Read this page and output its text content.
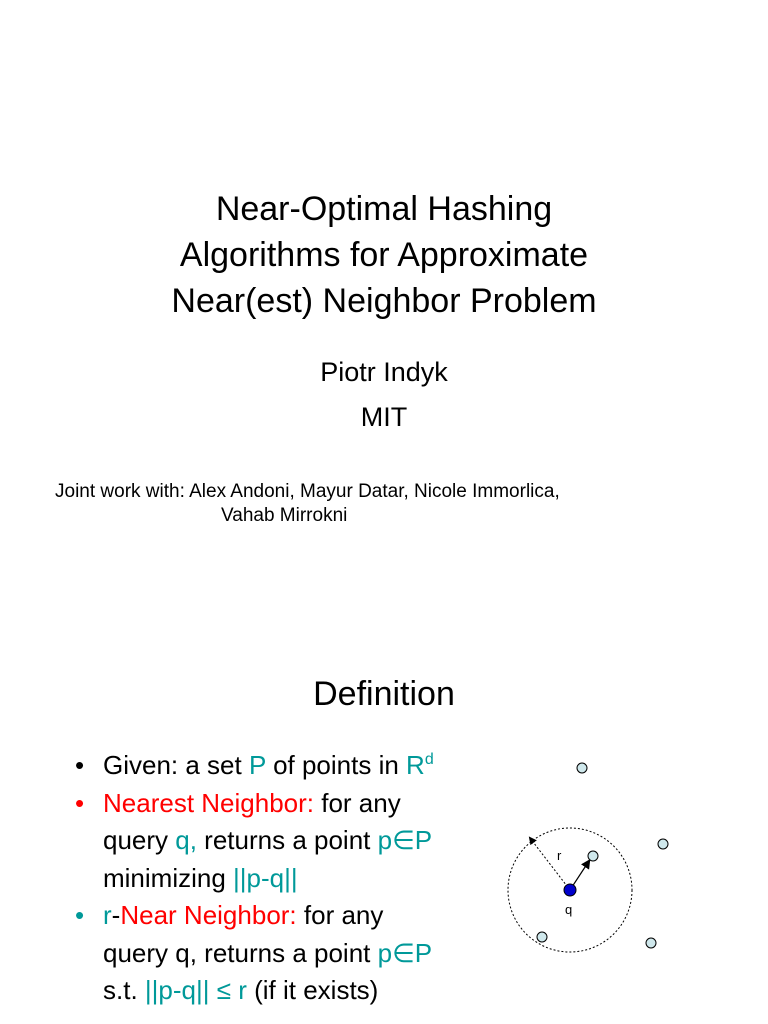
Near-Optimal Hashing
Algorithms for Approximate
Near(est) Neighbor Problem
Piotr Indyk
MIT
Joint work with: Alex Andoni, Mayur Datar, Nicole Immorlica,
Vahab Mirrokni
Definition
• Given: a set P of points in $R^d$
• Nearest Neighbor: for any
query q, returns a point p∈P
minimizing ||p-q||
• r-Near Neighbor: for any
query q, returns a point p∈P
s.t. ||p-q|| ≤ r (if it exists)
r
q
